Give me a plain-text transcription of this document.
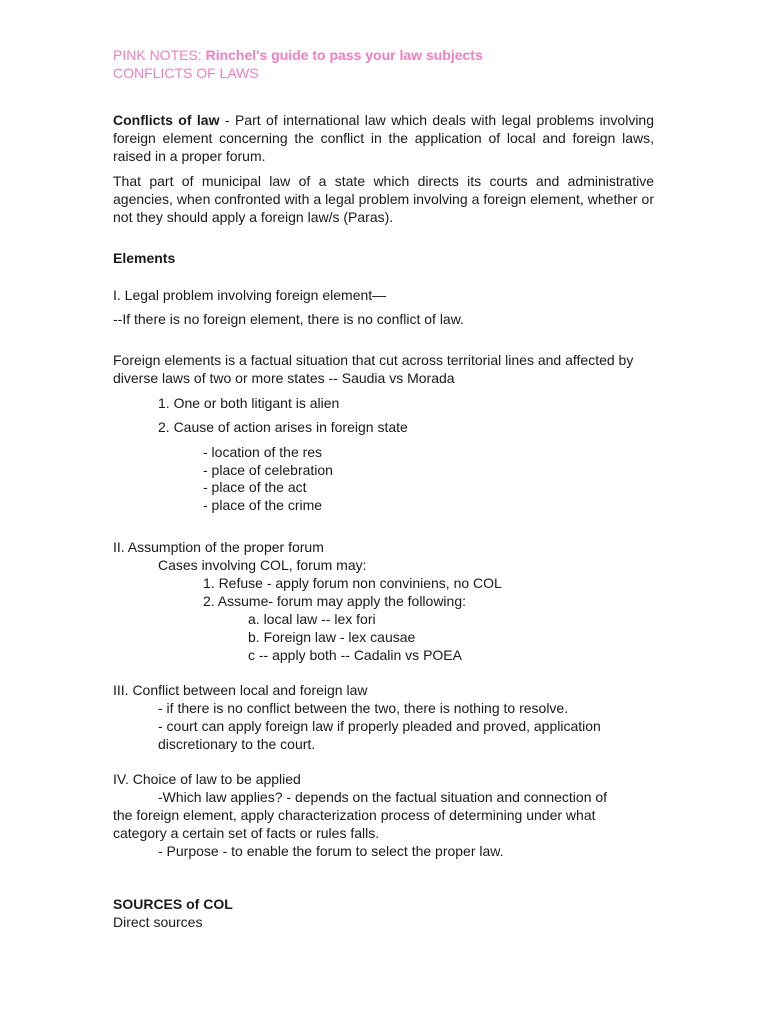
PINK NOTES: Rinchel's guide to pass your law subjects
CONFLICTS OF LAWS
Conflicts of law - Part of international law which deals with legal problems involving foreign element concerning the conflict in the application of local and foreign laws, raised in a proper forum.
That part of municipal law of a state which directs its courts and administrative agencies, when confronted with a legal problem involving a foreign element, whether or not they should apply a foreign law/s (Paras).
Elements
I. Legal problem involving foreign element—
--If there is no foreign element, there is no conflict of law.
Foreign elements is a factual situation that cut across territorial lines and affected by diverse laws of two or more states -- Saudia vs Morada
1. One or both litigant is alien
2. Cause of action arises in foreign state
- location of the res
- place of celebration
- place of the act
- place of the crime
II. Assumption of the proper forum
Cases involving COL, forum may:
1. Refuse - apply forum non conviniens, no COL
2. Assume- forum may apply the following:
a. local law -- lex fori
b. Foreign law - lex causae
c -- apply both -- Cadalin vs POEA
III. Conflict between local and foreign law
- if there is no conflict between the two, there is nothing to resolve.
- court can apply foreign law if properly pleaded and proved, application
discretionary to the court.
IV. Choice of law to be applied
-Which law applies? - depends on the factual situation and connection of
the foreign element, apply characterization process of determining under what
category a certain set of facts or rules falls.
- Purpose - to enable the forum to select the proper law.
SOURCES of COL
Direct sources
